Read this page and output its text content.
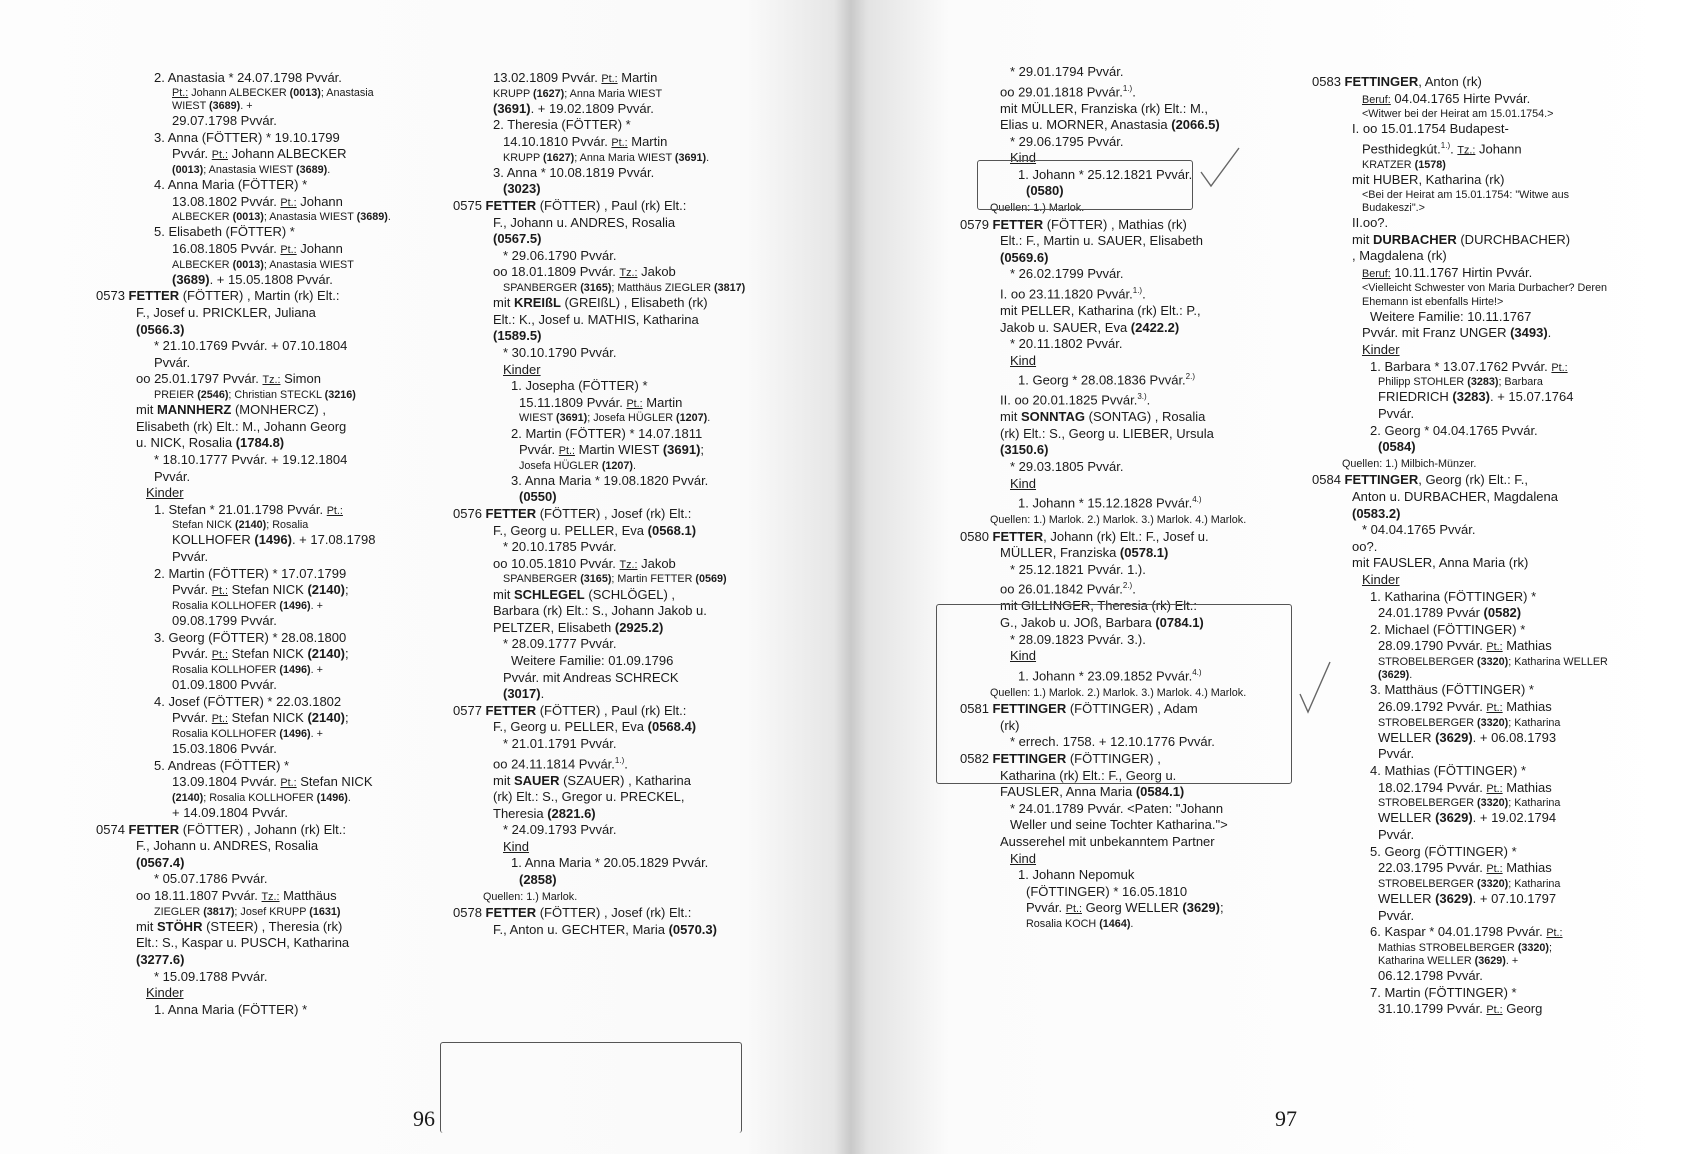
2. Anastasia * 24.07.1798 Pvvár.

Pt.: Johann ALBECKER (0013); Anastasia WIEST (3689). +

29.07.1798 Pvvár.

3. Anna (FÖTTER) * 19.10.1799

Pvvár. Pt.: Johann ALBECKER

(0013); Anastasia WIEST (3689).

4. Anna Maria (FÖTTER) *

13.08.1802 Pvvár. Pt.: Johann

ALBECKER (0013); Anastasia WIEST (3689).

5. Elisabeth (FÖTTER) *

16.08.1805 Pvvár. Pt.: Johann

ALBECKER (0013); Anastasia WIEST

(3689). + 15.05.1808 Pvvár.

0573 FETTER (FÖTTER) , Martin (rk) Elt.:

F., Josef u. PRICKLER, Juliana

(0566.3)

* 21.10.1769 Pvvár. + 07.10.1804

Pvvár.

oo 25.01.1797 Pvvár. Tz.: Simon

PREIER (2546); Christian STECKL (3216)

mit MANNHERZ (MONHERCZ) ,

Elisabeth (rk) Elt.: M., Johann Georg

u. NICK, Rosalia (1784.8)

* 18.10.1777 Pvvár. + 19.12.1804

Pvvár.

Kinder

1. Stefan * 21.01.1798 Pvvár. Pt.:

Stefan NICK (2140); Rosalia

KOLLHOFER (1496). + 17.08.1798

Pvvár.

2. Martin (FÖTTER) * 17.07.1799

Pvvár. Pt.: Stefan NICK (2140);

Rosalia KOLLHOFER (1496). +

09.08.1799 Pvvár.

3. Georg (FÖTTER) * 28.08.1800

Pvvár. Pt.: Stefan NICK (2140);

Rosalia KOLLHOFER (1496). +

01.09.1800 Pvvár.

4. Josef (FÖTTER) * 22.03.1802

Pvvár. Pt.: Stefan NICK (2140);

Rosalia KOLLHOFER (1496). +

15.03.1806 Pvvár.

5. Andreas (FÖTTER) *

13.09.1804 Pvvár. Pt.: Stefan NICK

(2140); Rosalia KOLLHOFER (1496).

+ 14.09.1804 Pvvár.

0574 FETTER (FÖTTER) , Johann (rk) Elt.:

F., Johann u. ANDRES, Rosalia

(0567.4)

* 05.07.1786 Pvvár.

oo 18.11.1807 Pvvár. Tz.: Matthäus

ZIEGLER (3817); Josef KRUPP (1631)

mit STÖHR (STEER) , Theresia (rk)

Elt.: S., Kaspar u. PUSCH, Katharina

(3277.6)

* 15.09.1788 Pvvár.

Kinder

1. Anna Maria (FÖTTER) *

13.02.1809 Pvvár. Pt.: Martin

KRUPP (1627); Anna Maria WIEST

(3691). + 19.02.1809 Pvvár.

2. Theresia (FÖTTER) *

14.10.1810 Pvvár. Pt.: Martin

KRUPP (1627); Anna Maria WIEST (3691).

3. Anna * 10.08.1819 Pvvár.

(3023)

0575 FETTER (FÖTTER) , Paul (rk) Elt.:

F., Johann u. ANDRES, Rosalia

(0567.5)

* 29.06.1790 Pvvár.

oo 18.01.1809 Pvvár. Tz.: Jakob

SPANBERGER (3165); Matthäus ZIEGLER (3817)

mit KREIßL (GREIßL) , Elisabeth (rk)

Elt.: K., Josef u. MATHIS, Katharina

(1589.5)

* 30.10.1790 Pvvár.

Kinder

1. Josepha (FÖTTER) *

15.11.1809 Pvvár. Pt.: Martin

WIEST (3691); Josefa HÜGLER (1207).

2. Martin (FÖTTER) * 14.07.1811

Pvvár. Pt.: Martin WIEST (3691);

Josefa HÜGLER (1207).

3. Anna Maria * 19.08.1820 Pvvár.

(0550)

0576 FETTER (FÖTTER) , Josef (rk) Elt.:

F., Georg u. PELLER, Eva (0568.1)

* 20.10.1785 Pvvár.

oo 10.05.1810 Pvvár. Tz.: Jakob

SPANBERGER (3165); Martin FETTER (0569)

mit SCHLEGEL (SCHLÖGEL) ,

Barbara (rk) Elt.: S., Johann Jakob u.

PELTZER, Elisabeth (2925.2)

* 28.09.1777 Pvvár.

Weitere Familie: 01.09.1796

Pvvár. mit Andreas SCHRECK

(3017).

0577 FETTER (FÖTTER) , Paul (rk) Elt.:

F., Georg u. PELLER, Eva (0568.4)

* 21.01.1791 Pvvár.

oo 24.11.1814 Pvvár.$^{1.)}$.

mit SAUER (SZAUER) , Katharina

(rk) Elt.: S., Gregor u. PRECKEL,

Theresia (2821.6)

* 24.09.1793 Pvvár.

Kind

1. Anna Maria * 20.05.1829 Pvvár.

(2858)

Quellen: 1.) Marlok.

0578 FETTER (FÖTTER) , Josef (rk) Elt.:

F., Anton u. GECHTER, Maria (0570.3)

* 29.01.1794 Pvvár.

oo 29.01.1818 Pvvár.$^{1.)}$.

mit MÜLLER, Franziska (rk) Elt.: M.,

Elias u. MORNER, Anastasia (2066.5)

* 29.06.1795 Pvvár.

Kind

1. Johann * 25.12.1821 Pvvár.

(0580)

Quellen: 1.) Marlok.

0579 FETTER (FÖTTER) , Mathias (rk)

Elt.: F., Martin u. SAUER, Elisabeth

(0569.6)

* 26.02.1799 Pvvár.

I. oo 23.11.1820 Pvvár.$^{1.)}$.

mit PELLER, Katharina (rk) Elt.: P.,

Jakob u. SAUER, Eva (2422.2)

* 20.11.1802 Pvvár.

Kind

1. Georg * 28.08.1836 Pvvár.$^{2.)}$

II. oo 20.01.1825 Pvvár.$^{3.)}$.

mit SONNTAG (SONTAG) , Rosalia

(rk) Elt.: S., Georg u. LIEBER, Ursula

(3150.6)

* 29.03.1805 Pvvár.

Kind

1. Johann * 15.12.1828 Pvvár.$^{4.)}$

Quellen: 1.) Marlok. 2.) Marlok. 3.) Marlok. 4.) Marlok.

0580 FETTER, Johann (rk) Elt.: F., Josef u.

MÜLLER, Franziska (0578.1)

* 25.12.1821 Pvvár. 1.).

oo 26.01.1842 Pvvár.$^{2.)}$.

mit GILLINGER, Theresia (rk) Elt.:

G., Jakob u. JOß, Barbara (0784.1)

* 28.09.1823 Pvvár. 3.).

Kind

1. Johann * 23.09.1852 Pvvár.$^{4.)}$

Quellen: 1.) Marlok. 2.) Marlok. 3.) Marlok. 4.) Marlok.

0581 FETTINGER (FÖTTINGER) , Adam

(rk)

* errech. 1758. + 12.10.1776 Pvvár.

0582 FETTINGER (FÖTTINGER) ,

Katharina (rk) Elt.: F., Georg u.

FAUSLER, Anna Maria (0584.1)

* 24.01.1789 Pvvár. <Paten: "Johann Weller und seine Tochter Katharina.">

Ausserehel mit unbekanntem Partner

Kind

1. Johann Nepomuk

(FÖTTINGER) * 16.05.1810

Pvvár. Pt.: Georg WELLER (3629);

Rosalia KOCH (1464).

0583 FETTINGER, Anton (rk)

Beruf: 04.04.1765 Hirte Pvvár.

<Witwer bei der Heirat am 15.01.1754.>

I. oo 15.01.1754 Budapest-

Pesthidegkút.$^{1.)}$. Tz.: Johann

KRATZER (1578)

mit HUBER, Katharina (rk)

<Bei der Heirat am 15.01.1754: "Witwe aus Budakeszi".>

II.oo?.

mit DURBACHER (DURCHBACHER)

, Magdalena (rk)

Beruf: 10.11.1767 Hirtin Pvvár.

<Vielleicht Schwester von Maria Durbacher? Deren Ehemann ist ebenfalls Hirte!>

Weitere Familie: 10.11.1767

Pvvár. mit Franz UNGER (3493).

Kinder

1. Barbara * 13.07.1762 Pvvár. Pt.:

Philipp STOHLER (3283); Barbara

FRIEDRICH (3283). + 15.07.1764

Pvvár.

2. Georg * 04.04.1765 Pvvár.

(0584)

Quellen: 1.) Milbich-Münzer.

0584 FETTINGER, Georg (rk) Elt.: F.,

Anton u. DURBACHER, Magdalena

(0583.2)

* 04.04.1765 Pvvár.

oo?.

mit FAUSLER, Anna Maria (rk)

Kinder

1. Katharina (FÖTTINGER) *

24.01.1789 Pvvár (0582)

2. Michael (FÖTTINGER) *

28.09.1790 Pvvár. Pt.: Mathias

STROBELBERGER (3320); Katharina WELLER (3629).

3. Matthäus (FÖTTINGER) *

26.09.1792 Pvvár. Pt.: Mathias

STROBELBERGER (3320); Katharina

WELLER (3629). + 06.08.1793

Pvvár.

4. Mathias (FÖTTINGER) *

18.02.1794 Pvvár. Pt.: Mathias

STROBELBERGER (3320); Katharina

WELLER (3629). + 19.02.1794

Pvvár.

5. Georg (FÖTTINGER) *

22.03.1795 Pvvár. Pt.: Mathias

STROBELBERGER (3320); Katharina

WELLER (3629). + 07.10.1797

Pvvár.

6. Kaspar * 04.01.1798 Pvvár. Pt.:

Mathias STROBELBERGER (3320);

Katharina WELLER (3629). +

06.12.1798 Pvvár.

7. Martin (FÖTTINGER) *

31.10.1799 Pvvár. Pt.: Georg

96	97
